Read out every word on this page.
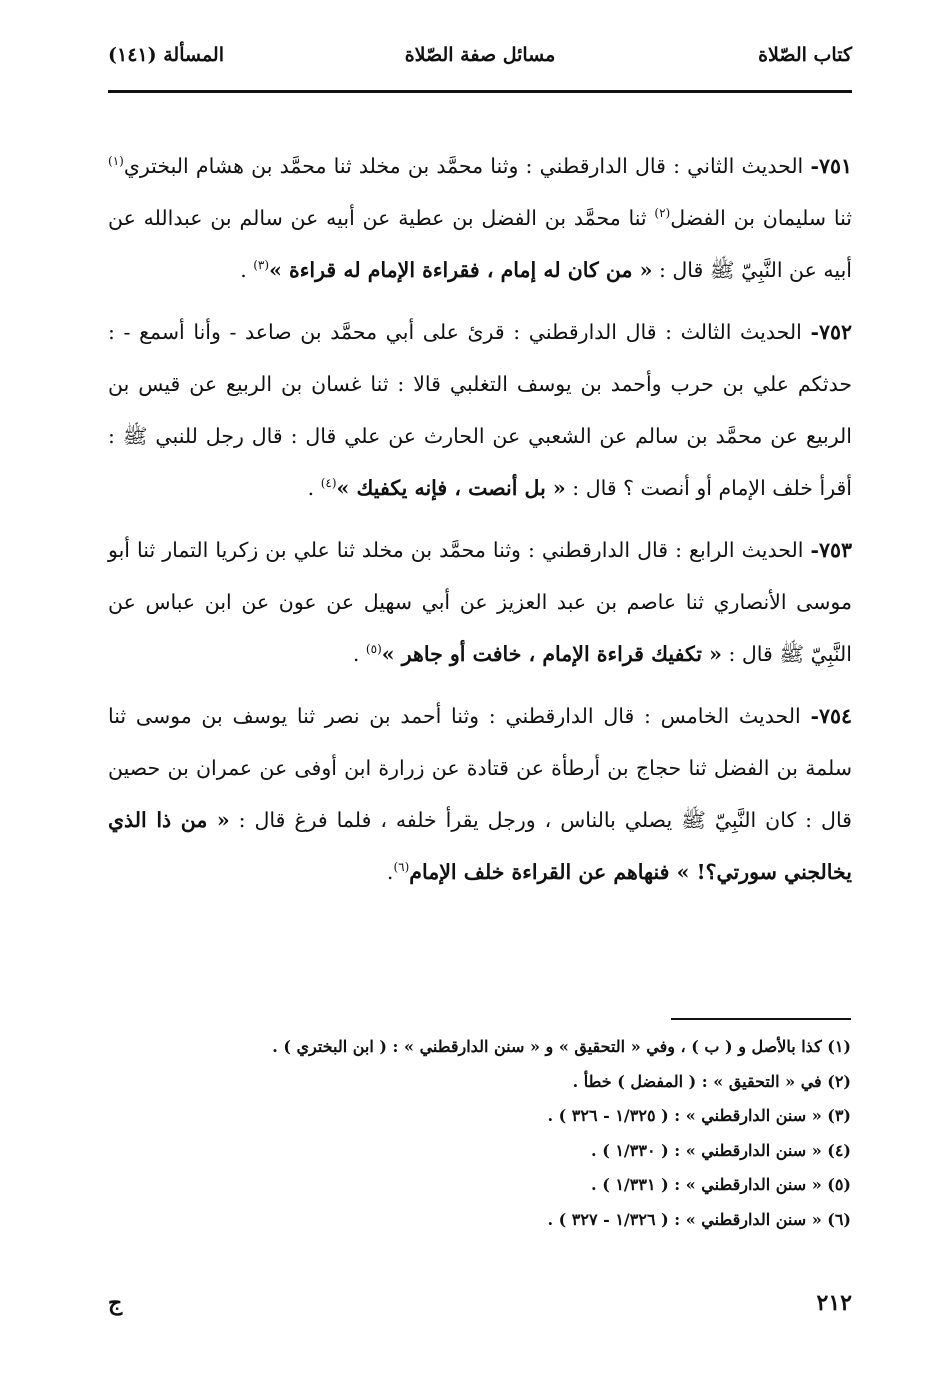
كتاب الصّلاة
مسائل صفة الصّلاة
المسألة (١٤١)

٧٥١- الحديث الثاني : قال الدارقطني : وثنا محمَّد بن مخلد ثنا محمَّد بن هشام البختري$^{(١)}$ ثنا سليمان بن الفضل$^{(٢)}$ ثنا محمَّد بن الفضل بن عطية عن أبيه عن سالم بن عبدالله عن أبيه عن النَّبِيّ ﷺ قال : « من كان له إمام ، فقراءة الإمام له قراءة »$^{(٣)}$ .

٧٥٢- الحديث الثالث : قال الدارقطني : قرئ على أبي محمَّد بن صاعد - وأنا أسمع - : حدثكم علي بن حرب وأحمد بن يوسف التغلبي قالا : ثنا غسان بن الربيع عن قيس بن الربيع عن محمَّد بن سالم عن الشعبي عن الحارث عن علي قال : قال رجل للنبي ﷺ : أقرأ خلف الإمام أو أنصت ؟ قال : « بل أنصت ، فإنه يكفيك »$^{(٤)}$ .

٧٥٣- الحديث الرابع : قال الدارقطني : وثنا محمَّد بن مخلد ثنا علي بن زكريا التمار ثنا أبو موسى الأنصاري ثنا عاصم بن عبد العزيز عن أبي سهيل عن عون عن ابن عباس عن النَّبِيّ ﷺ قال : « تكفيك قراءة الإمام ، خافت أو جاهر »$^{(٥)}$ .

٧٥٤- الحديث الخامس : قال الدارقطني : وثنا أحمد بن نصر ثنا يوسف بن موسى ثنا سلمة بن الفضل ثنا حجاج بن أرطأة عن قتادة عن زرارة ابن أوفى عن عمران بن حصين قال : كان النَّبِيّ ﷺ يصلي بالناس ، ورجل يقرأ خلفه ، فلما فرغ قال : « من ذا الذي يخالجني سورتي؟! » فنهاهم عن القراءة خلف الإمام$^{(٦)}$.

(١) كذا بالأصل و ( ب ) ، وفي « التحقيق » و « سنن الدارقطني » : ( ابن البختري ) .
(٢) في « التحقيق » : ( المفضل ) خطأ .
(٣) « سنن الدارقطني » : ( ١/٣٢٥ - ٣٢٦ ) .
(٤) « سنن الدارقطني » : ( ١/٣٣٠ ) .
(٥) « سنن الدارقطني » : ( ١/٣٣١ ) .
(٦) « سنن الدارقطني » : ( ١/٣٢٦ - ٣٢٧ ) .
٢١٢
ج
